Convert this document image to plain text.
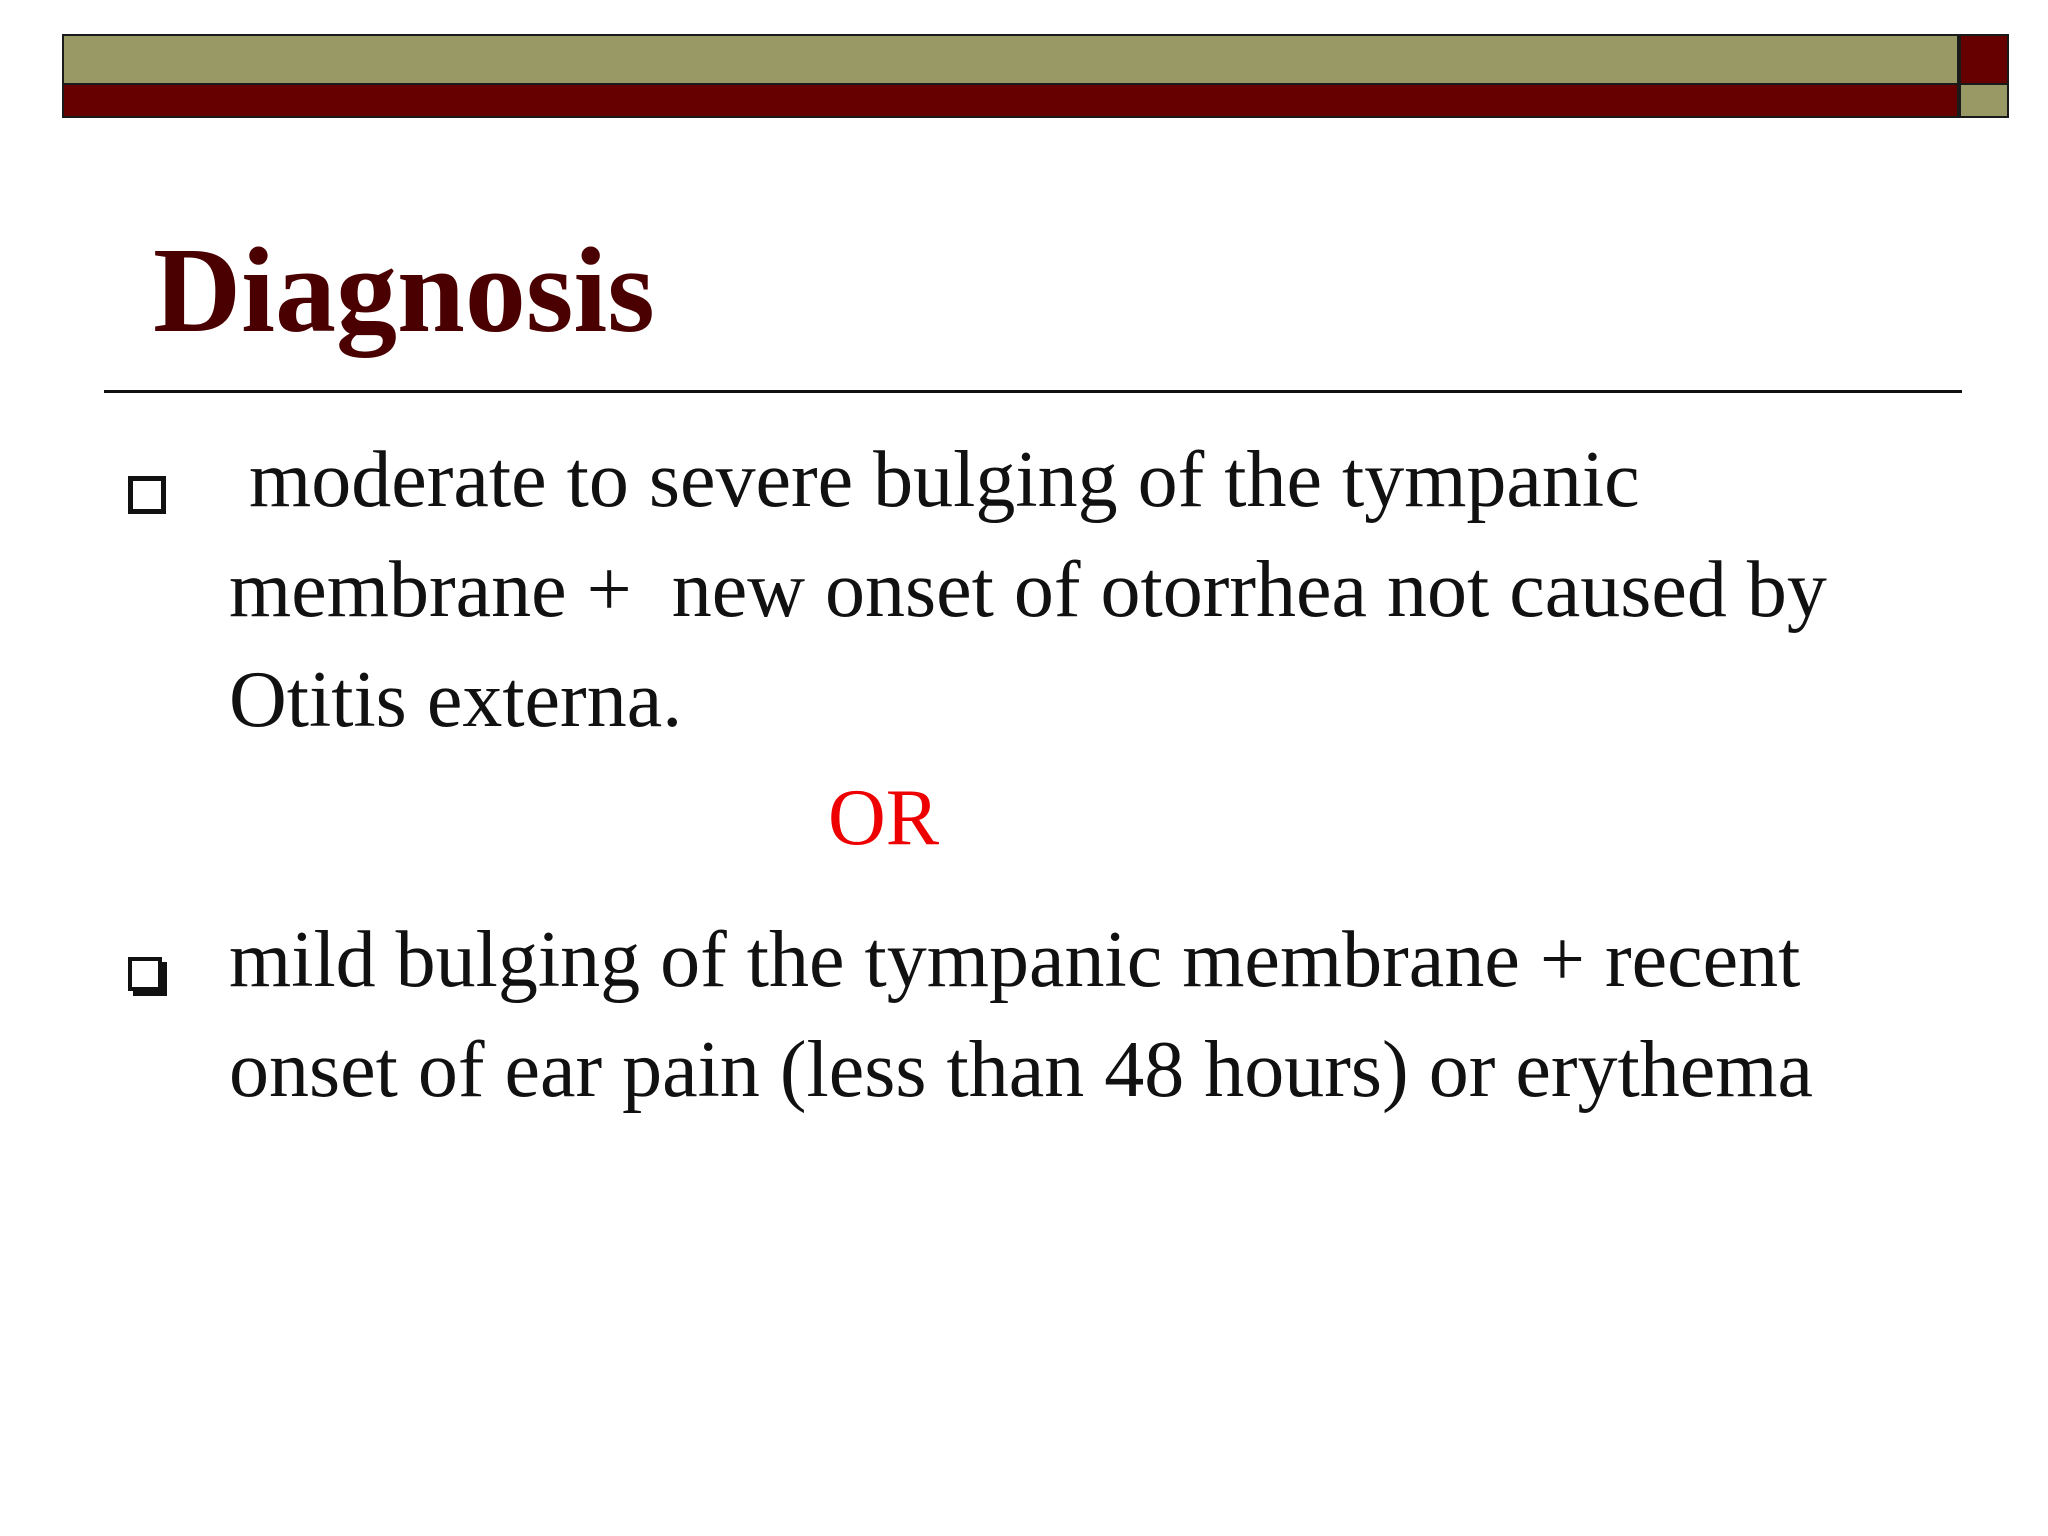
Diagnosis
moderate to severe bulging of the tympanic membrane +  new onset of otorrhea not caused by Otitis externa.
OR
mild bulging of the tympanic membrane + recent onset of ear pain (less than 48 hours) or erythema
